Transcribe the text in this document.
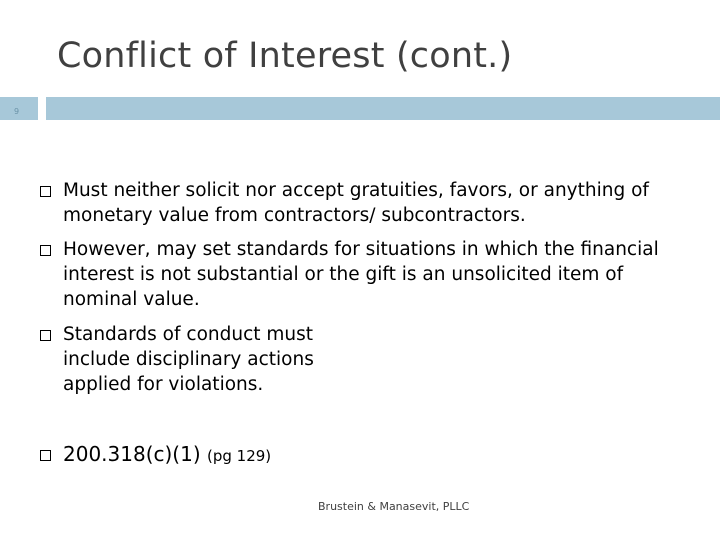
Conflict of Interest (cont.)
9
Must neither solicit nor accept gratuities, favors, or anything of monetary value from contractors/ subcontractors.
However, may set standards for situations in which the financial interest is not substantial or the gift is an unsolicited item of nominal value.
Standards of conduct must include disciplinary actions applied for violations.
200.318(c)(1) (pg 129)
Brustein & Manasevit, PLLC
